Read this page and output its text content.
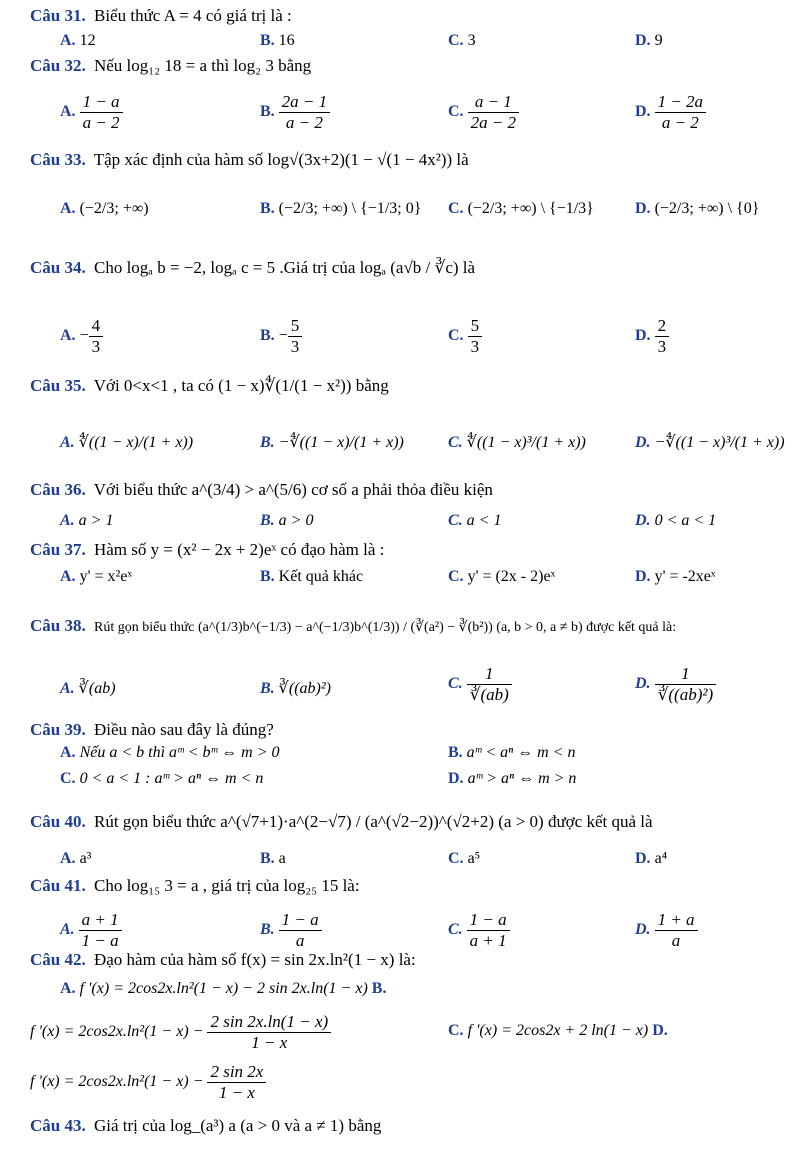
Câu 31. Biểu thức A = 4 có giá trị là :
A. 12	B. 16	C. 3	D. 9
Câu 32. Nếu log₁₂ 18 = a thì log₂ 3 bằng
A. $\frac{1 - a}{a - 2}$	B. $\frac{2a - 1}{a - 2}$	C. $\frac{a - 1}{2a - 2}$	D. $\frac{1 - 2a}{a - 2}$
Câu 33. Tập xác định của hàm số log√(3x+2)(1 − √(1 − 4x²)) là
A. (−2/3; +∞)	B. (−2/3; +∞) \ {−1/3; 0} C. (−2/3; +∞) \ {−1/3}	D. (−2/3; +∞) \ {0}
Câu 34. Cho logₐ b = −2, logₐ c = 5 .Giá trị của logₐ (a√b / ∛c) là
A. − $\frac{4}{3}$	B. − $\frac{5}{3}$	C. $\frac{5}{3}$	D. $\frac{2}{3}$
Câu 35. Với 0<x<1 , ta có (1 − x)∜(1/(1 − x²)) bằng
A. ∜((1 − x)/(1 + x))	B. −∜((1 − x)/(1 + x))	C. ∜((1 − x)³/(1 + x))	D. −∜((1 − x)³/(1 + x))
Câu 36. Với biểu thức a^(3/4) > a^(5/6) cơ số a phải thỏa điều kiện
A. a > 1	B. a > 0	C. a < 1	D. 0 < a < 1
Câu 37. Hàm số y = (x² − 2x + 2)eˣ có đạo hàm là :
A. y' = x²eˣ	B. Kết quả khác	C. y' = (2x - 2)eˣ	D. y' = -2xeˣ
Câu 38. Rút gọn biểu thức (a^(1/3)b^(−1/3) − a^(−1/3)b^(1/3)) / (∛(a²) − ∛(b²)) (a, b > 0, a ≠ b) được kết quả là:
A. ∛(ab)	B. ∛((ab)²)	C. $\frac{1}{∛(ab)}$	D. $\frac{1}{\text{∛((ab)²)}}$
Câu 39. Điều nào sau đây là đúng?
A. Nếu a < b thì aᵐ < bᵐ ⇔ m > 0	B. aᵐ < aⁿ ⇔ m < n
C. 0 < a < 1 : aᵐ > aⁿ ⇔ m < n	D. aᵐ > aⁿ ⇔ m > n
Câu 40. Rút gọn biểu thức a^(√7+1)·a^(2−√7) / (a^(√2−2))^(√2+2) (a > 0) được kết quả là
A. a³	B. a	C. a⁵	D. a⁴
Câu 41. Cho log₁₅ 3 = a , giá trị của log₂₅ 15 là:
A. $\frac{a + 1}{1 - a}$	B. $\frac{1 - a}{a}$	C. $\frac{1 - a}{a + 1}$	D. $\frac{1 + a}{a}$
Câu 42. Đạo hàm của hàm số f(x) = sin 2x.ln²(1 − x) là:
A. f '(x) = 2cos2x.ln²(1 − x) − 2 sin 2x.ln(1 − x) B.
f '$(x) = 2\cos 2x.\ln^2(1 - x) - \frac{2 \sin 2x.\ln(1 - x)}{1 - x}$	C. f '(x) = 2cos2x + 2 ln(1 − x) D.
f '$(x) = 2\cos 2x.\ln^2(1 - x) - \frac{2 \sin 2x}{1 - x}$
Câu 43. Giá trị của log_(a³) a (a > 0 và a ≠ 1) bằng
